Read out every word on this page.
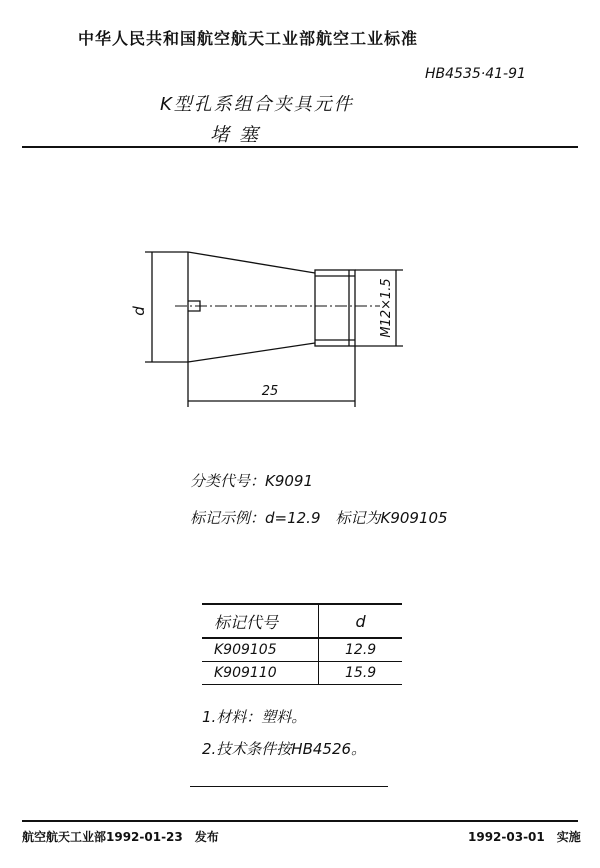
中华人民共和国航空航天工业部航空工业标准
HB4535·41-91
K型孔系组合夹具元件
堵塞
d	M12×1.5
25
分类代号：K9091
标记示例：d=12.9　标记为K909105
标记代号	d
K909105	12.9
K909110	15.9
1.材料：塑料。
2.技术条件按HB4526。
航空航天工业部1992-01-23　发布	1992-03-01　实施
